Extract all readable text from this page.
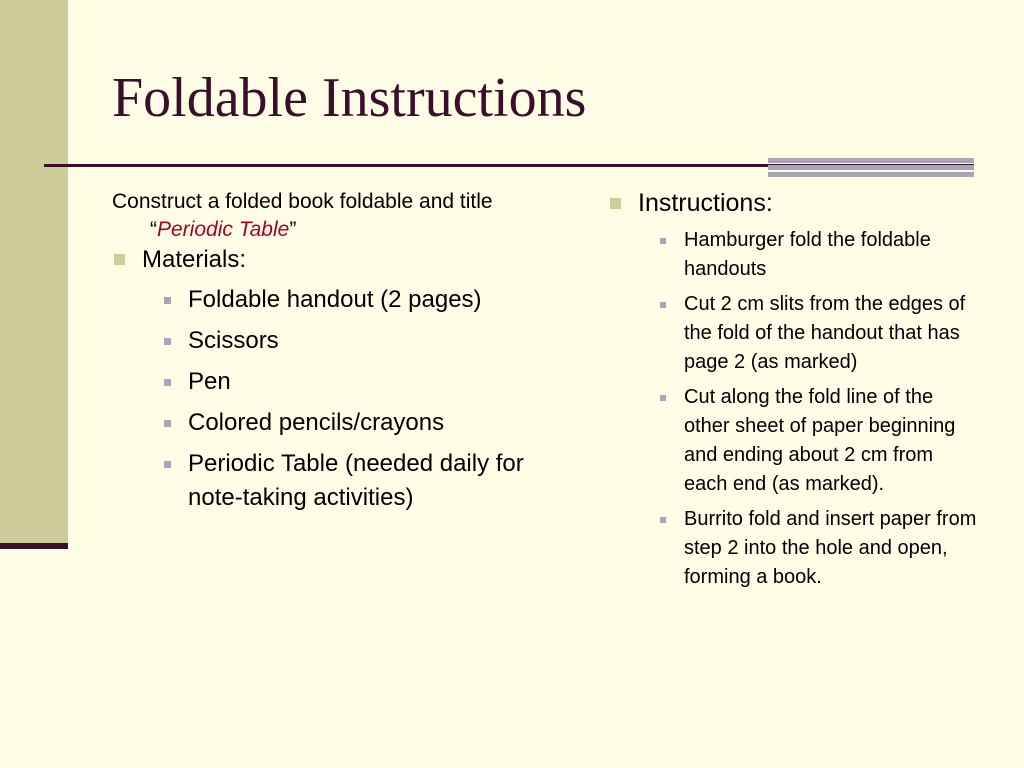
Foldable Instructions

Construct a folded book foldable and title “Periodic Table”

Materials:
Foldable handout (2 pages)
Scissors
Pen
Colored pencils/crayons
Periodic Table (needed daily for note-taking activities)
Instructions:
Hamburger fold the foldable handouts
Cut 2 cm slits from the edges of the fold of the handout that has page 2 (as marked)
Cut along the fold line of the other sheet of paper beginning and ending about 2 cm from each end (as marked).
Burrito fold and insert paper from step 2 into the hole and open, forming a book.
